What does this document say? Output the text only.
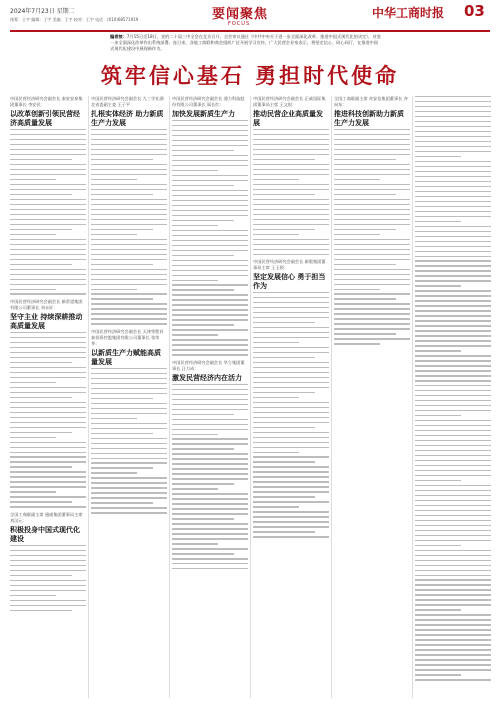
2024年7月23日 星期二
统筹：王宇 编辑：王宇 美编：王宇 校对：王宇 电话：(010)68571919	要闻聚焦
FOCUS
中华工商时报 03
编者按：7月15日至18日，党的二十届三中全会在北京召开，全会审议通过《中共中央关于进一步全面深化改革、推进中国式现代化的决定》，对进一步全面深化改革作出系统部署。连日来，各地工商联和商会组织广泛开展学习宣传，广大民营企业家表示，将坚定信心、同心同行，在推进中国式现代化建设中展现新作为。
筑牢信心基石 勇担时代使命
中国民营经济研究会副会长 泰安安泰集团董事长 李安民：
以改革创新引领民营经济高质量发展
中国民营经济研究会副会长 新希望集团有限公司董事长 刘永好：
坚守主业 持续深耕推动高质量发展
全国工商联副主席 通威集团董事局主席 刘汉元：
积极投身中国式现代化建设
中国民营经济研究会副会长 九三学社湖北省委副主委 王子平：
扎根实体经济 助力新质生产力发展
中国民营经济研究会副会长 天津荣程祥泰投资控股集团有限公司董事长 张荣华：
以新质生产力赋能高质量发展
中国民营经济研究会副会长 通力科技股份有限公司董事长 阎长红：
加快发展新质生产力
中国民营经济研究会副会长 华立集团董事长 汪力成：
激发民营经济内在活力
中国民营经济研究会副会长 正威国际集团董事局主席 王文银：
推动民营企业高质量发展
中国民营经济研究会副会长 新奥集团董事局主席 王玉锁：
坚定发展信心 勇于担当作为
全国工商联副主席 奇安信集团董事长 齐向东：
推进科技创新助力新质生产力发展
